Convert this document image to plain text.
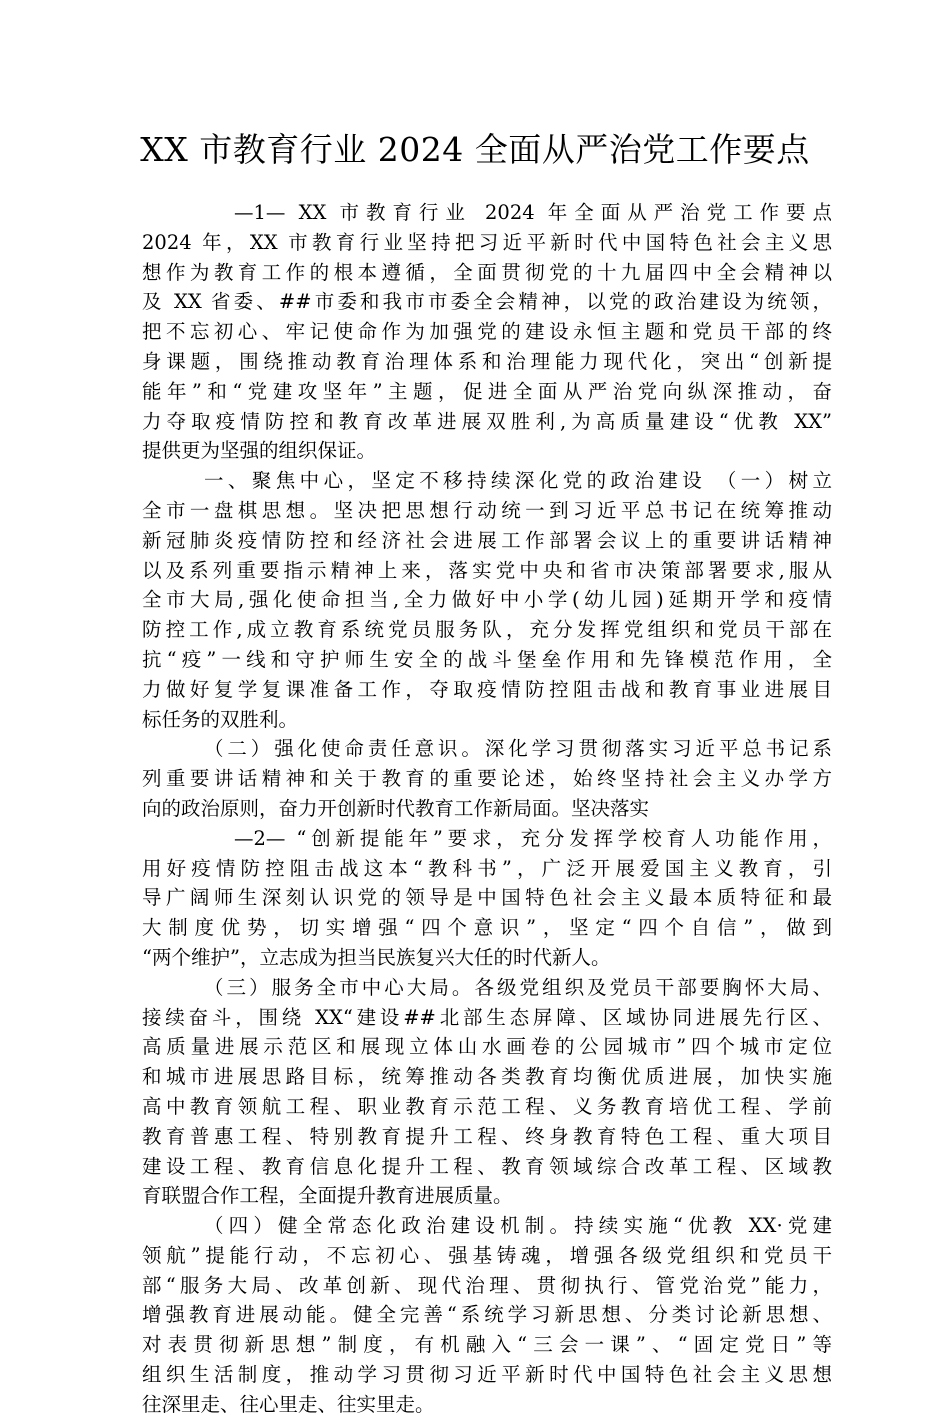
XX 市教育行业 2024 全面从严治党工作要点
—1— XX 市教育行业 2024 年全面从严治党工作要点
2024 年，XX 市教育行业坚持把习近平新时代中国特色社会主义思
想作为教育工作的根本遵循，全面贯彻党的十九届四中全会精神以
及 XX 省委、##市委和我市市委全会精神，以党的政治建设为统领，
把不忘初心、牢记使命作为加强党的建设永恒主题和党员干部的终
身课题，围绕推动教育治理体系和治理能力现代化，突出“创新提
能年”和“党建攻坚年”主题，促进全面从严治党向纵深推动，奋
力夺取疫情防控和教育改革进展双胜利,为高质量建设“优教 XX”
提供更为坚强的组织保证。
一、聚焦中心，坚定不移持续深化党的政治建设 （一）树立
全市一盘棋思想。坚决把思想行动统一到习近平总书记在统筹推动
新冠肺炎疫情防控和经济社会进展工作部署会议上的重要讲话精神
以及系列重要指示精神上来，落实党中央和省市决策部署要求,服从
全市大局,强化使命担当,全力做好中小学(幼儿园)延期开学和疫情
防控工作,成立教育系统党员服务队，充分发挥党组织和党员干部在
抗“疫”一线和守护师生安全的战斗堡垒作用和先锋模范作用，全
力做好复学复课准备工作，夺取疫情防控阻击战和教育事业进展目
标任务的双胜利。
（二）强化使命责任意识。深化学习贯彻落实习近平总书记系
列重要讲话精神和关于教育的重要论述，始终坚持社会主义办学方
向的政治原则，奋力开创新时代教育工作新局面。坚决落实
—2— “创新提能年”要求，充分发挥学校育人功能作用，
用好疫情防控阻击战这本“教科书”，广泛开展爱国主义教育，引
导广阔师生深刻认识党的领导是中国特色社会主义最本质特征和最
大制度优势，切实增强“四个意识”，坚定“四个自信”，做到
“两个维护”，立志成为担当民族复兴大任的时代新人。
（三）服务全市中心大局。各级党组织及党员干部要胸怀大局、
接续奋斗，围绕 XX“建设##北部生态屏障、区域协同进展先行区、
高质量进展示范区和展现立体山水画卷的公园城市”四个城市定位
和城市进展思路目标，统筹推动各类教育均衡优质进展，加快实施
高中教育领航工程、职业教育示范工程、义务教育培优工程、学前
教育普惠工程、特别教育提升工程、终身教育特色工程、重大项目
建设工程、教育信息化提升工程、教育领域综合改革工程、区域教
育联盟合作工程，全面提升教育进展质量。
（四）健全常态化政治建设机制。持续实施“优教 XX·党建
领航”提能行动，不忘初心、强基铸魂，增强各级党组织和党员干
部“服务大局、改革创新、现代治理、贯彻执行、管党治党”能力，
增强教育进展动能。健全完善“系统学习新思想、分类讨论新思想、
对表贯彻新思想”制度，有机融入“三会一课”、“固定党日”等
组织生活制度，推动学习贯彻习近平新时代中国特色社会主义思想
往深里走、往心里走、往实里走。
